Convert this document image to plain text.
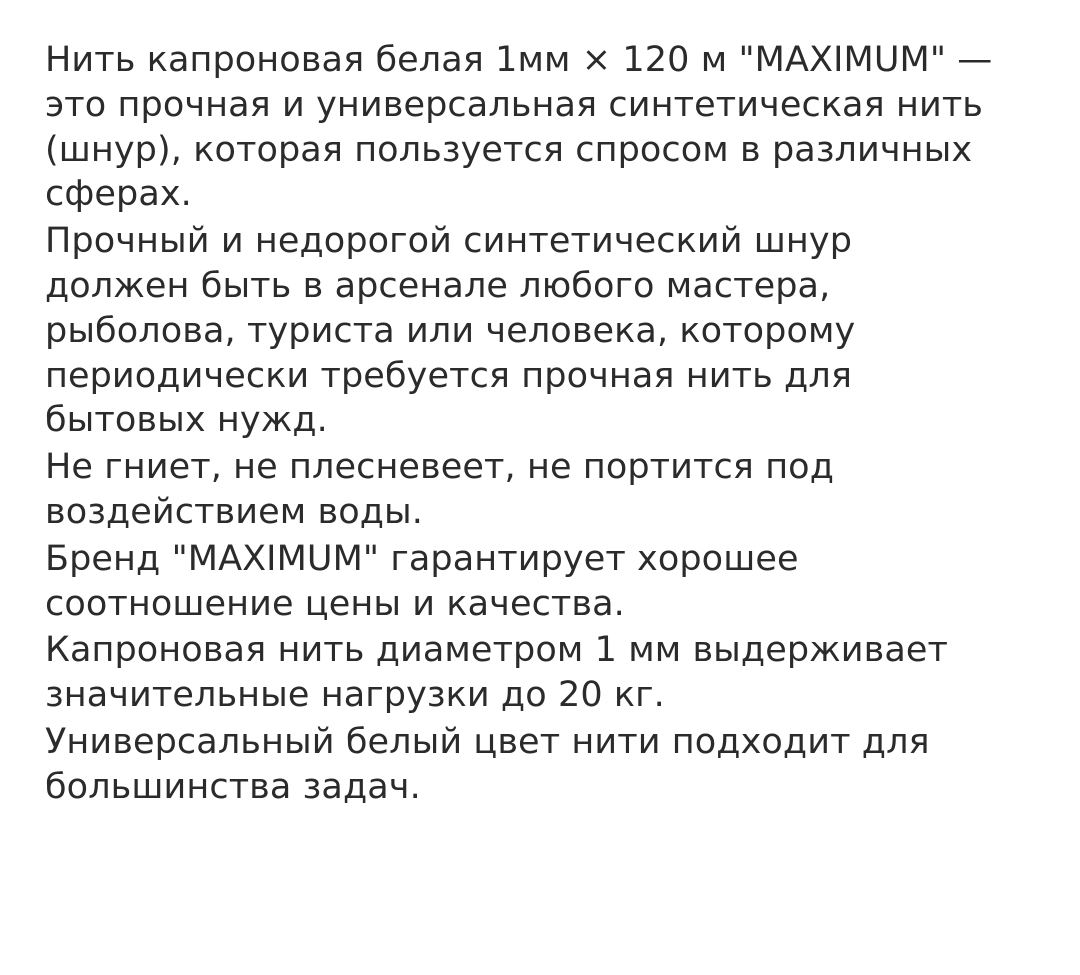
Нить капроновая белая 1мм × 120 м "MAXIMUM" — это прочная и универсальная синтетическая нить (шнур), которая пользуется спросом в различных сферах.

Прочный и недорогой синтетический шнур должен быть в арсенале любого мастера, рыболова, туриста или человека, которому периодически требуется прочная нить для бытовых нужд.

Не гниет, не плесневеет, не портится под воздействием воды.

Бренд "MAXIMUM" гарантирует хорошее соотношение цены и качества.

Капроновая нить диаметром 1 мм выдерживает значительные нагрузки до 20 кг.

Универсальный белый цвет нити подходит для большинства задач.
